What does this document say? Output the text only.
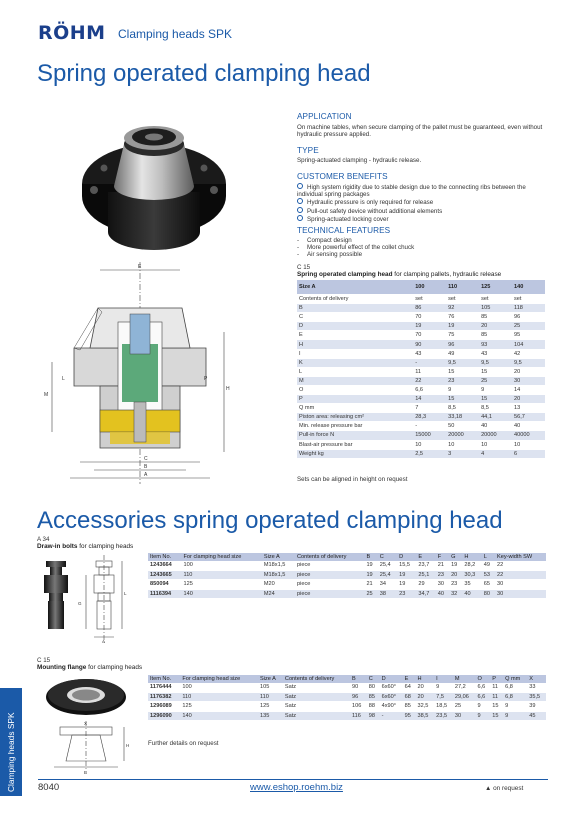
RÖHM Clamping heads SPK
Spring operated clamping head
E
C
B
A
H
M
L	P
APPLICATION
On machine tables, when secure clamping of the pallet must be guaranteed, even without hydraulic pressure applied.
TYPE
Spring-actuated clamping - hydraulic release.
CUSTOMER BENEFITS
High system rigidity due to stable design due to the connecting ribs between the individual spring packages
Hydraulic pressure is only required for release
Pull-out safety device without additional elements
Spring-actuated locking cover
TECHNICAL FEATURES
- Compact design
- More powerful effect of the collet chuck
- Air sensing possible
C 15
Spring operated clamping head for clamping pallets, hydraulic release
Size A	100	110	125	140
Contents of delivery	set	set	set	set
B	86	92	105	118
C	70	76	85	96
D	19	19	20	25
E	70	75	85	95
H	90	96	93	104
I	43	49	43	42
K	-	9,5	9,5	9,5
L	11	15	15	20
M	22	23	25	30
O	6,6	9	9	14
P	14	15	15	20
Q mm	7	8,5	8,5	13
Piston area: releasing cm²	28,3	33,18	44,1	56,7
Min. release pressure bar	-	50	40	40
Pull-in force N	15000	20000	20000	40000
Blast-air pressure bar	10	10	10	10
Weight kg	2,5	3	4	6
Sets can be aligned in height on request
Accessories spring operated clamping head
A 34
Draw-in bolts for clamping heads
L
G
A
Item No.	For clamping head size	Size A	Contents of delivery	B	C	D	E	F	G	H	L	Key-width SW
1243664	100	M18x1,5	piece	19	25,4	15,5	23,7	21	19	28,2	49	22
1243665	110	M18x1,5	piece	19	25,4	19	25,1	23	20	30,3	53	22
850094	125	M20	piece	21	34	19	29	30	23	35	65	30
1116394	140	M24	piece	25	38	23	34,7	40	32	40	80	30
C 15
Mounting flange for clamping heads
X
H
B
Item No.	For clamping head size	Size A	Contents of delivery	B	C	D	E	H	I	M	O	P	Q mm	X
1176444	100	105	Satz	90	80	6x60°	64	20	9	27,2	6,6	11	6,8	33
1176382	110	110	Satz	96	85	6x60°	68	20	7,5	29,06	6,6	11	6,8	35,5
1296089	125	125	Satz	106	88	4x90°	85	32,5	18,5	25	9	15	9	39
1296090	140	135	Satz	116	98	-	95	38,5	23,5	30	9	15	9	45
Further details on request
Clamping heads SPK 8040	www.eshop.roehm.biz	▲ on request
